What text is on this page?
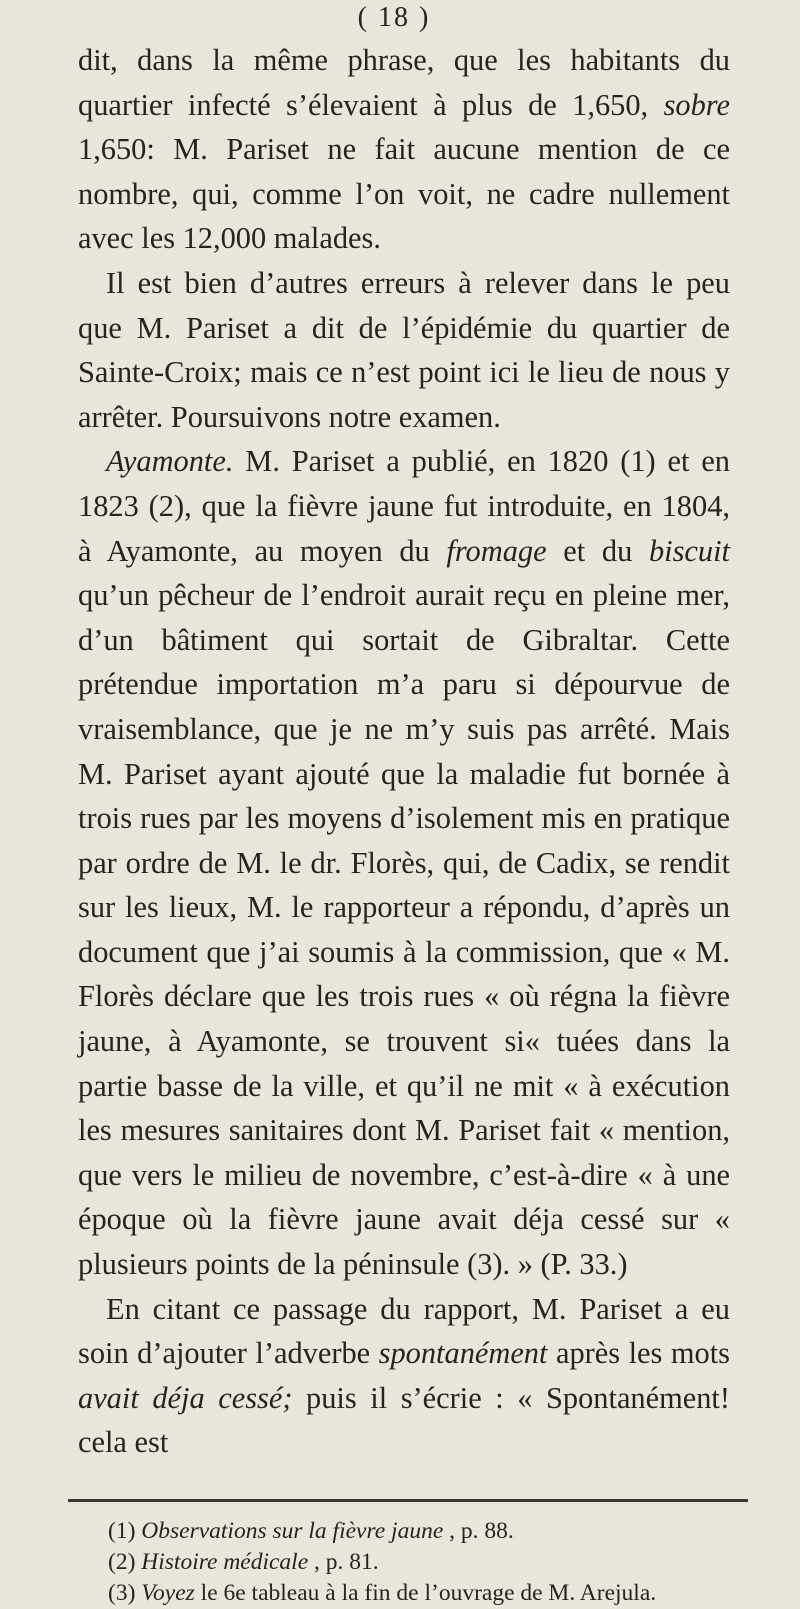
( 18 )

dit, dans la même phrase, que les habitants du quartier infecté s’élevaient à plus de 1,650, sobre 1,650: M. Pariset ne fait aucune mention de ce nombre, qui, comme l’on voit, ne cadre nullement avec les 12,000 malades.

Il est bien d’autres erreurs à relever dans le peu que M. Pariset a dit de l’épidémie du quartier de Sainte-Croix; mais ce n’est point ici le lieu de nous y arrêter. Poursuivons notre examen.

Ayamonte. M. Pariset a publié, en 1820 (1) et en 1823 (2), que la fièvre jaune fut introduite, en 1804, à Ayamonte, au moyen du fromage et du biscuit qu’un pêcheur de l’endroit aurait reçu en pleine mer, d’un bâtiment qui sortait de Gibraltar. Cette prétendue importation m’a paru si dépourvue de vraisemblance, que je ne m’y suis pas arrêté. Mais M. Pariset ayant ajouté que la maladie fut bornée à trois rues par les moyens d’isolement mis en pratique par ordre de M. le dr. Florès, qui, de Cadix, se rendit sur les lieux, M. le rapporteur a répondu, d’après un document que j’ai soumis à la commission, que « M. Florès déclare que les trois rues « où régna la fièvre jaune, à Ayamonte, se trouvent si« tuées dans la partie basse de la ville, et qu’il ne mit « à exécution les mesures sanitaires dont M. Pariset fait « mention, que vers le milieu de novembre, c’est-à-dire « à une époque où la fièvre jaune avait déja cessé sur « plusieurs points de la péninsule (3). » (P. 33.)

En citant ce passage du rapport, M. Pariset a eu soin d’ajouter l’adverbe spontanément après les mots avait déja cessé; puis il s’écrie : « Spontanément! cela est

(1) Observations sur la fièvre jaune , p. 88.
(2) Histoire médicale , p. 81.
(3) Voyez le 6e tableau à la fin de l’ouvrage de M. Arejula.
